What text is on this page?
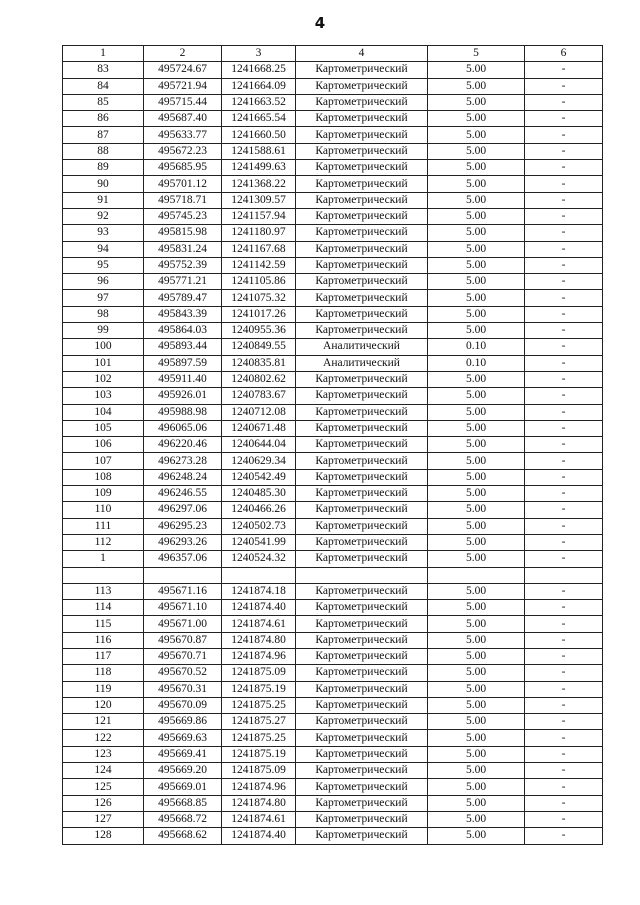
4
1	2	3	4	5	6
83	495724.67	1241668.25	Картометрический	5.00	-
84	495721.94	1241664.09	Картометрический	5.00	-
85	495715.44	1241663.52	Картометрический	5.00	-
86	495687.40	1241665.54	Картометрический	5.00	-
87	495633.77	1241660.50	Картометрический	5.00	-
88	495672.23	1241588.61	Картометрический	5.00	-
89	495685.95	1241499.63	Картометрический	5.00	-
90	495701.12	1241368.22	Картометрический	5.00	-
91	495718.71	1241309.57	Картометрический	5.00	-
92	495745.23	1241157.94	Картометрический	5.00	-
93	495815.98	1241180.97	Картометрический	5.00	-
94	495831.24	1241167.68	Картометрический	5.00	-
95	495752.39	1241142.59	Картометрический	5.00	-
96	495771.21	1241105.86	Картометрический	5.00	-
97	495789.47	1241075.32	Картометрический	5.00	-
98	495843.39	1241017.26	Картометрический	5.00	-
99	495864.03	1240955.36	Картометрический	5.00	-
100	495893.44	1240849.55	Аналитический	0.10	-
101	495897.59	1240835.81	Аналитический	0.10	-
102	495911.40	1240802.62	Картометрический	5.00	-
103	495926.01	1240783.67	Картометрический	5.00	-
104	495988.98	1240712.08	Картометрический	5.00	-
105	496065.06	1240671.48	Картометрический	5.00	-
106	496220.46	1240644.04	Картометрический	5.00	-
107	496273.28	1240629.34	Картометрический	5.00	-
108	496248.24	1240542.49	Картометрический	5.00	-
109	496246.55	1240485.30	Картометрический	5.00	-
110	496297.06	1240466.26	Картометрический	5.00	-
111	496295.23	1240502.73	Картометрический	5.00	-
112	496293.26	1240541.99	Картометрический	5.00	-
1	496357.06	1240524.32	Картометрический	5.00	-

113	495671.16	1241874.18	Картометрический	5.00	-
114	495671.10	1241874.40	Картометрический	5.00	-
115	495671.00	1241874.61	Картометрический	5.00	-
116	495670.87	1241874.80	Картометрический	5.00	-
117	495670.71	1241874.96	Картометрический	5.00	-
118	495670.52	1241875.09	Картометрический	5.00	-
119	495670.31	1241875.19	Картометрический	5.00	-
120	495670.09	1241875.25	Картометрический	5.00	-
121	495669.86	1241875.27	Картометрический	5.00	-
122	495669.63	1241875.25	Картометрический	5.00	-
123	495669.41	1241875.19	Картометрический	5.00	-
124	495669.20	1241875.09	Картометрический	5.00	-
125	495669.01	1241874.96	Картометрический	5.00	-
126	495668.85	1241874.80	Картометрический	5.00	-
127	495668.72	1241874.61	Картометрический	5.00	-
128	495668.62	1241874.40	Картометрический	5.00	-
